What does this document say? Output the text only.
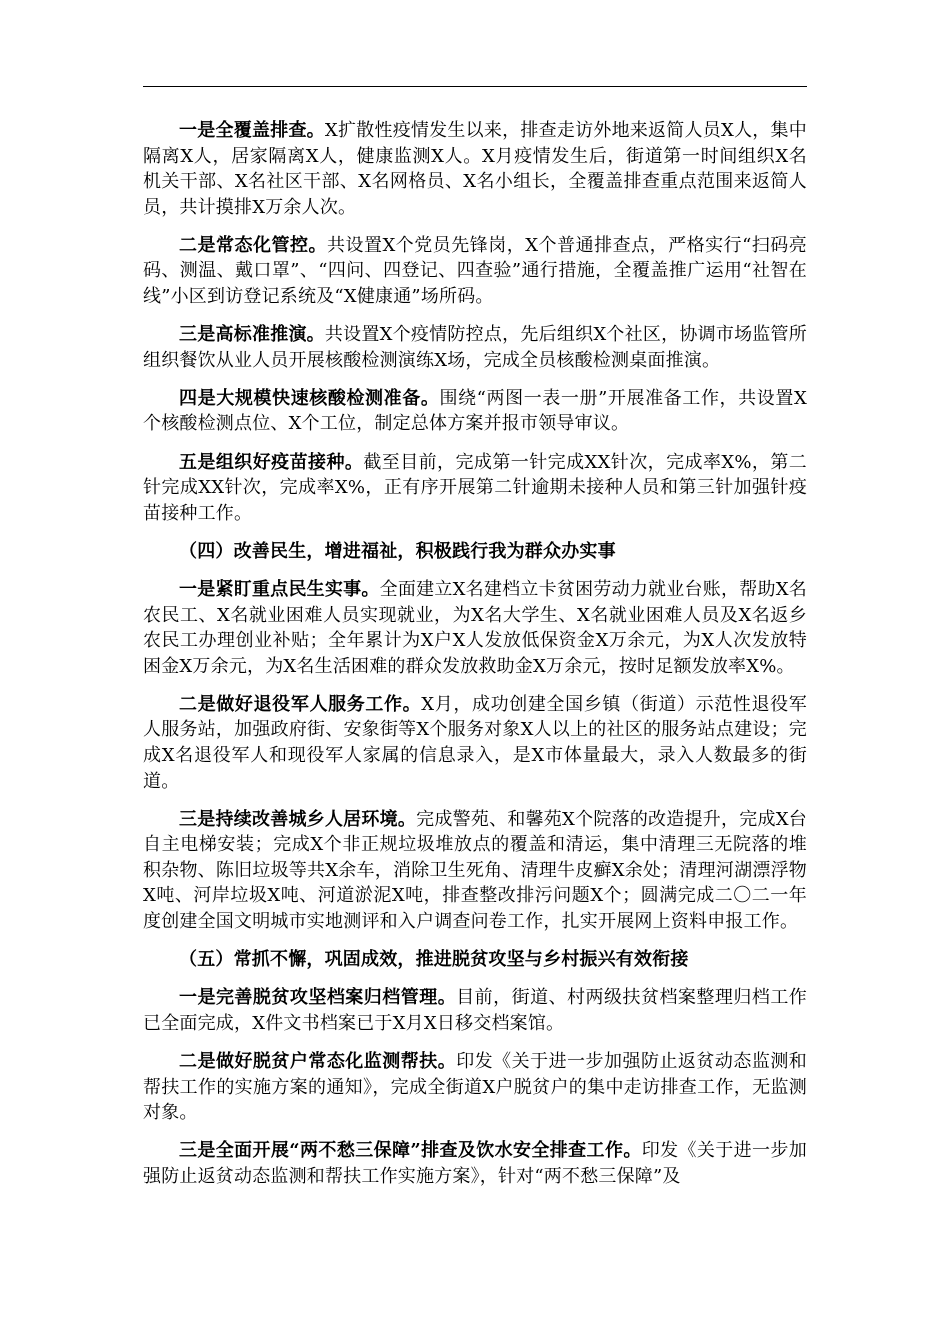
一是全覆盖排查。X扩散性疫情发生以来，排查走访外地来返简人员X人，集中隔离X人，居家隔离X人，健康监测X人。X月疫情发生后，街道第一时间组织X名机关干部、X名社区干部、X名网格员、X名小组长，全覆盖排查重点范围来返简人员，共计摸排X万余人次。

二是常态化管控。共设置X个党员先锋岗，X个普通排查点，严格实行“扫码亮码、测温、戴口罩”、“四问、四登记、四查验”通行措施，全覆盖推广运用“社智在线”小区到访登记系统及“X健康通”场所码。

三是高标准推演。共设置X个疫情防控点，先后组织X个社区，协调市场监管所组织餐饮从业人员开展核酸检测演练X场，完成全员核酸检测桌面推演。

四是大规模快速核酸检测准备。围绕“两图一表一册”开展准备工作，共设置X个核酸检测点位、X个工位，制定总体方案并报市领导审议。

五是组织好疫苗接种。截至目前，完成第一针完成XX针次，完成率X%，第二针完成XX针次，完成率X%，正有序开展第二针逾期未接种人员和第三针加强针疫苗接种工作。

（四）改善民生，增进福祉，积极践行我为群众办实事

一是紧盯重点民生实事。全面建立X名建档立卡贫困劳动力就业台账，帮助X名农民工、X名就业困难人员实现就业，为X名大学生、X名就业困难人员及X名返乡农民工办理创业补贴；全年累计为X户X人发放低保资金X万余元，为X人次发放特困金X万余元，为X名生活困难的群众发放救助金X万余元，按时足额发放率X%。

二是做好退役军人服务工作。X月，成功创建全国乡镇（街道）示范性退役军人服务站，加强政府街、安象街等X个服务对象X人以上的社区的服务站点建设；完成X名退役军人和现役军人家属的信息录入，是X市体量最大，录入人数最多的街道。

三是持续改善城乡人居环境。完成警苑、和馨苑X个院落的改造提升，完成X台自主电梯安装；完成X个非正规垃圾堆放点的覆盖和清运，集中清理三无院落的堆积杂物、陈旧垃圾等共X余车，消除卫生死角、清理牛皮癣X余处；清理河湖漂浮物X吨、河岸垃圾X吨、河道淤泥X吨，排查整改排污问题X个；圆满完成二〇二一年度创建全国文明城市实地测评和入户调查问卷工作，扎实开展网上资料申报工作。

（五）常抓不懈，巩固成效，推进脱贫攻坚与乡村振兴有效衔接

一是完善脱贫攻坚档案归档管理。目前，街道、村两级扶贫档案整理归档工作已全面完成，X件文书档案已于X月X日移交档案馆。

二是做好脱贫户常态化监测帮扶。印发《关于进一步加强防止返贫动态监测和帮扶工作的实施方案的通知》，完成全街道X户脱贫户的集中走访排查工作，无监测对象。

三是全面开展“两不愁三保障”排查及饮水安全排查工作。印发《关于进一步加强防止返贫动态监测和帮扶工作实施方案》，针对“两不愁三保障”及
